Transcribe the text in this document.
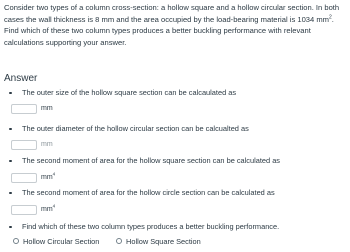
Consider two types of a column cross-section: a hollow square and a hollow circular section. In both cases the wall thickness is 8 mm and the area occupied by the load-bearing material is 1034 $mm^2$. Find which of these two column types produces a better buckling performance with relevant calculations supporting your answer.
Answer
The outer size of the hollow square section can be calcaulated as
mm
The outer diameter of the hollow circular section can be calcualted as
mm
The second moment of area for the hollow square section can be calculated as
$mm^4$
The second moment of area for the hollow circle section can be calculated as
$mm^4$
Find which of these two column types produces a better buckling performance.
Hollow Circular Section	Hollow Square Section
